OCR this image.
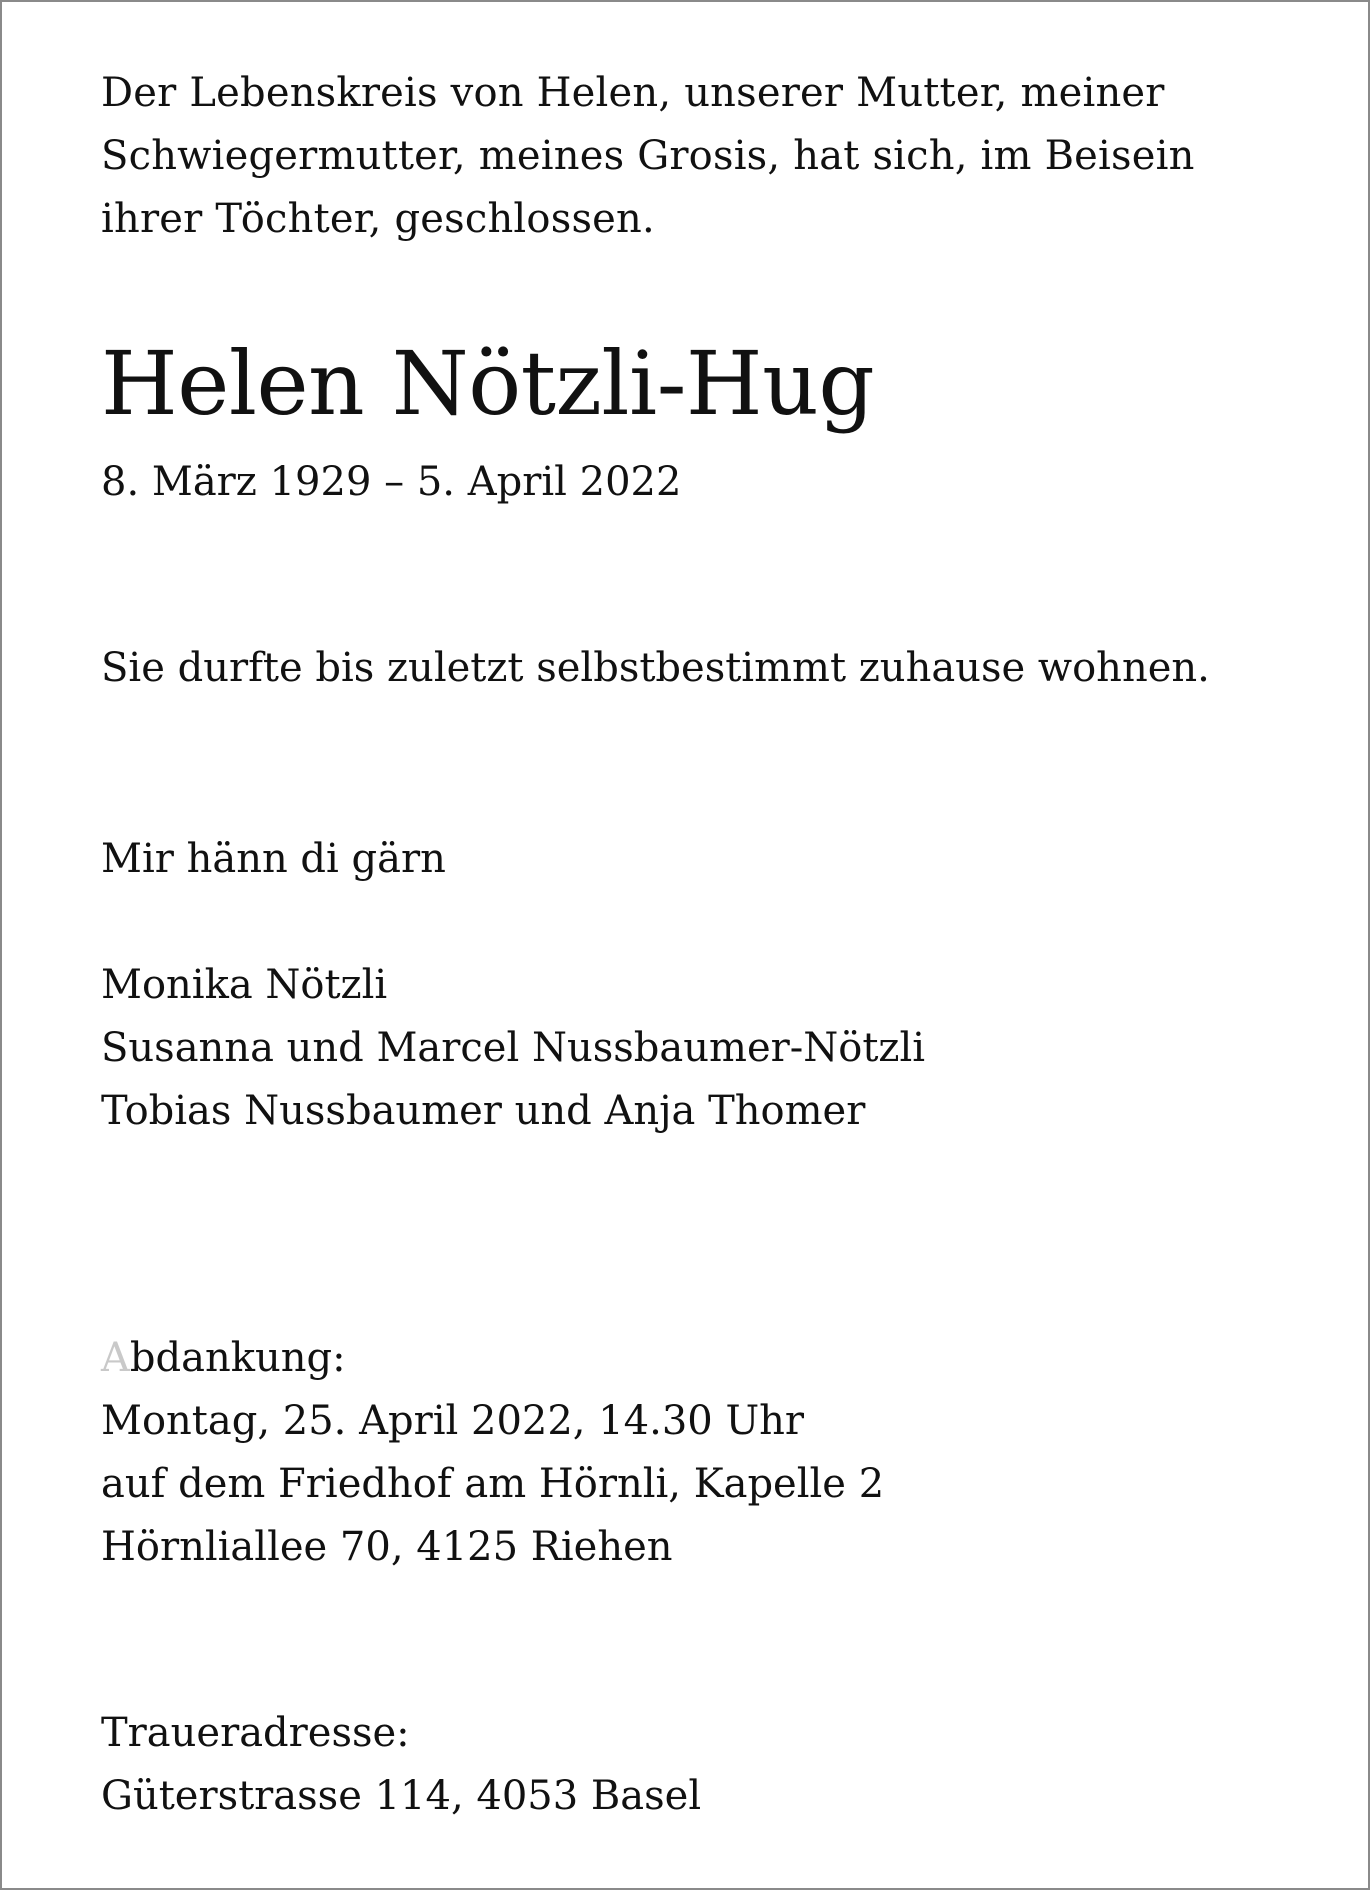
Der Lebenskreis von Helen, unserer Mutter, meiner
Schwiegermutter, meines Grosis, hat sich, im Beisein
ihrer Töchter, geschlossen.

Helen Nötzli-Hug

8. März 1929 – 5. April 2022

Sie durfte bis zuletzt selbstbestimmt zuhause wohnen.

Mir hänn di gärn

Monika Nötzli
Susanna und Marcel Nussbaumer-Nötzli
Tobias Nussbaumer und Anja Thomer

Abdankung:
Montag, 25. April 2022, 14.30 Uhr
auf dem Friedhof am Hörnli, Kapelle 2
Hörnliallee 70, 4125 Riehen

Traueradresse:
Güterstrasse 114, 4053 Basel
